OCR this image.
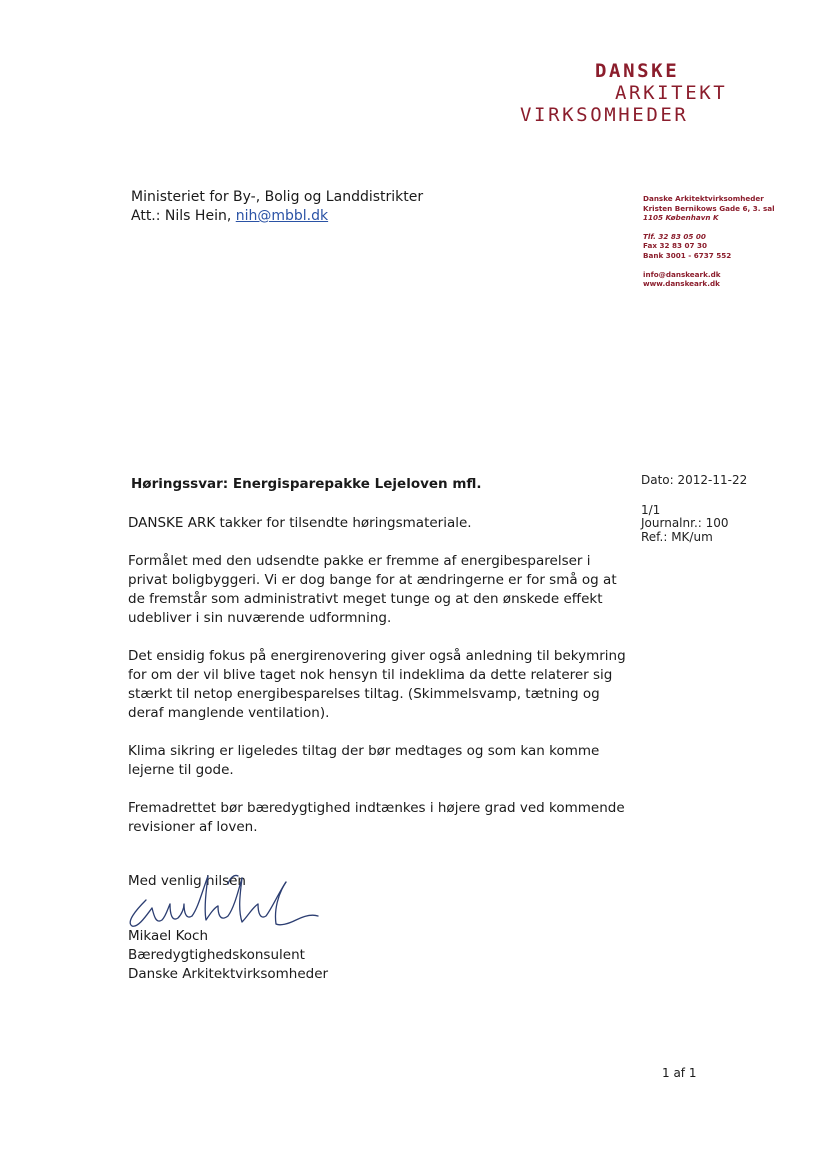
DANSKE
ARKITEKT
VIRKSOMHEDER
Ministeriet for By-, Bolig og Landdistrikter
Att.: Nils Hein, nih@mbbl.dk
Danske Arkitektvirksomheder
Kristen Bernikows Gade 6, 3. sal
1105 København K
Tlf. 32 83 05 00
Fax 32 83 07 30
Bank 3001 - 6737 552
info@danskeark.dk
www.danskeark.dk
Høringssvar: Energisparepakke Lejeloven mfl.	Dato: 2012-11-22
1/1
Journalnr.: 100
Ref.: MK/um

DANSKE ARK takker for tilsendte høringsmateriale.

Formålet med den udsendte pakke er fremme af energibesparelser i privat boligbyggeri. Vi er dog bange for at ændringerne er for små og at de fremstår som administrativt meget tunge og at den ønskede effekt udebliver i sin nuværende udformning.

Det ensidig fokus på energirenovering giver også anledning til bekymring for om der vil blive taget nok hensyn til indeklima da dette relaterer sig stærkt til netop energibesparelses tiltag. (Skimmelsvamp, tætning og deraf manglende ventilation).

Klima sikring er ligeledes tiltag der bør medtages og som kan komme lejerne til gode.

Fremadrettet bør bæredygtighed indtænkes i højere grad ved kommende revisioner af loven.

Med venlig hilsen
Mikael Koch
Bæredygtighedskonsulent
Danske Arkitektvirksomheder
1 af 1
